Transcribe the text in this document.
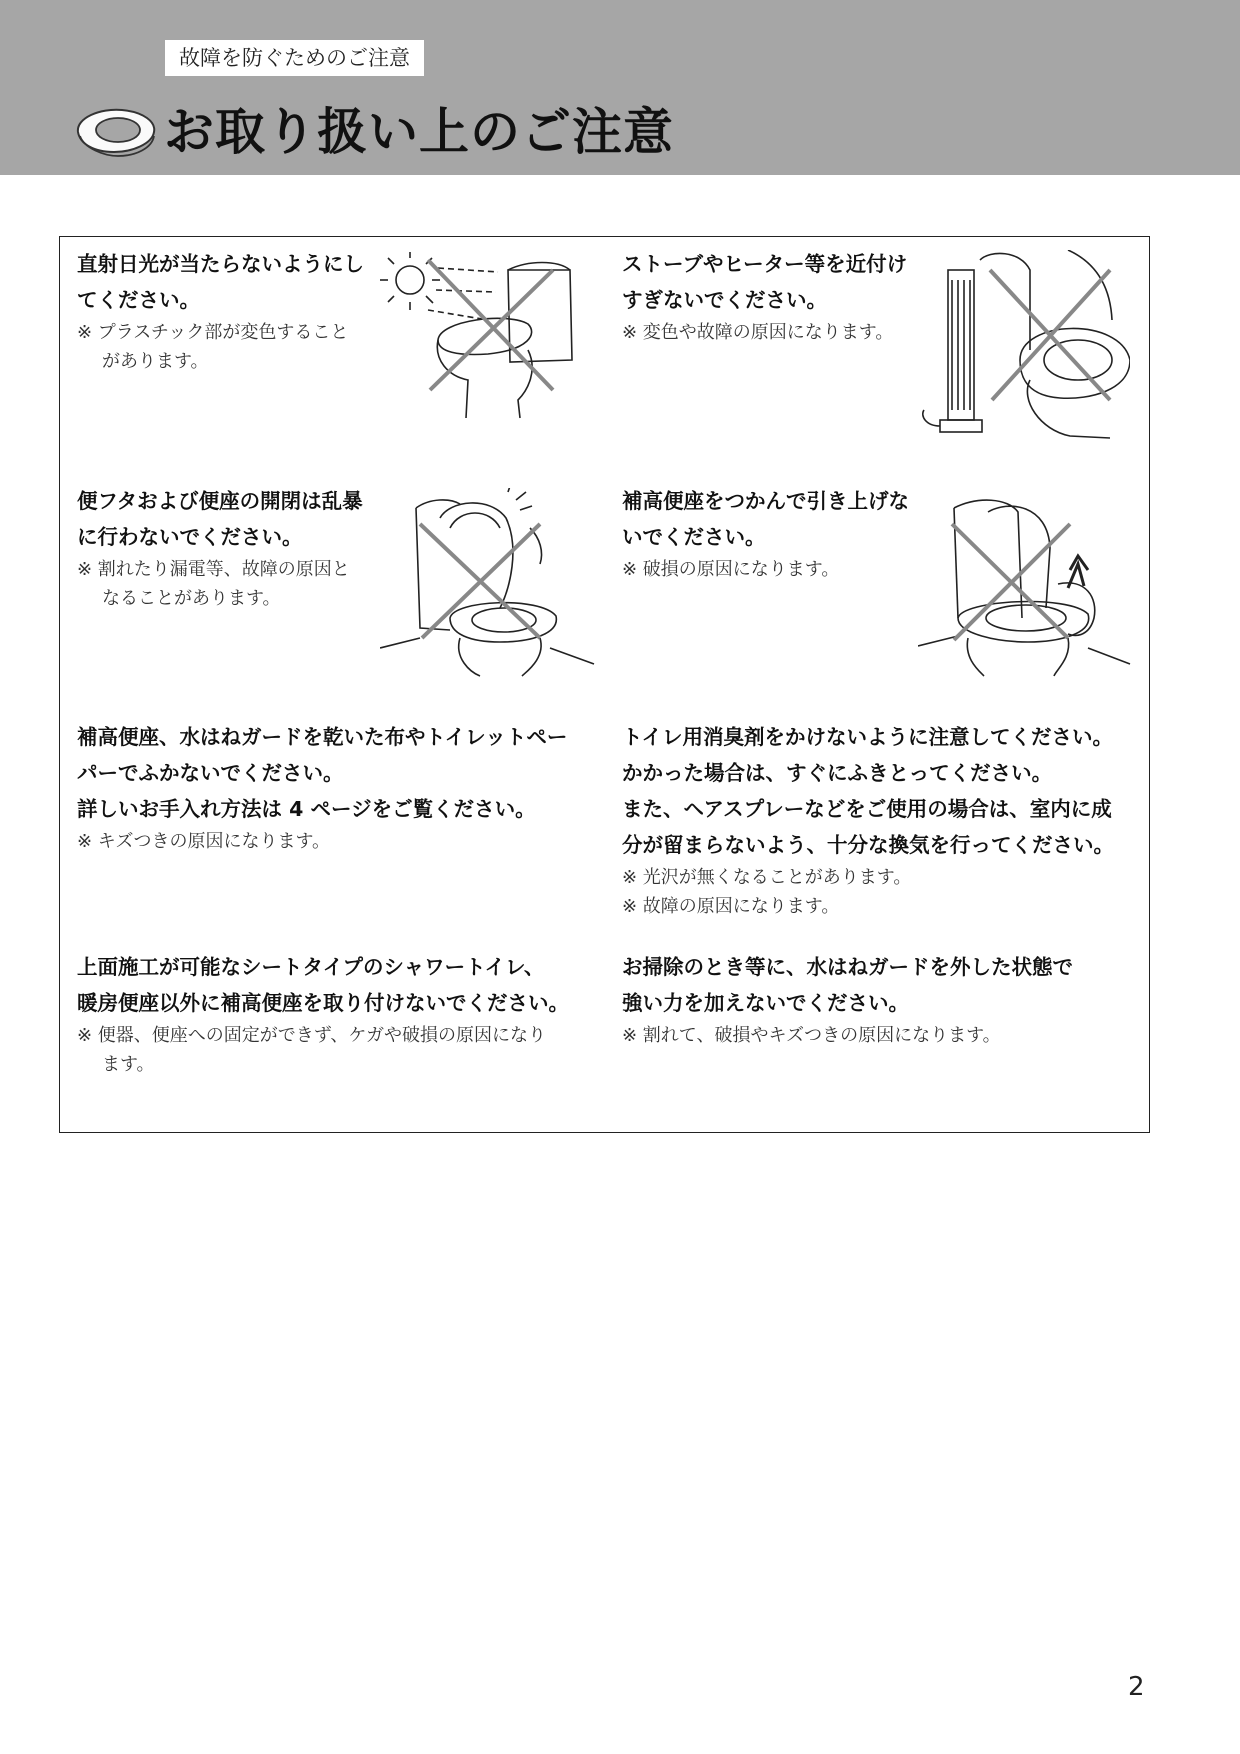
故障を防ぐためのご注意
お取り扱い上のご注意
直射日光が当たらないようにし
てください。
※ プラスチック部が変色すること
があります。
ストーブやヒーター等を近付け
すぎないでください。
※ 変色や故障の原因になります。
便フタおよび便座の開閉は乱暴
に行わないでください。
※ 割れたり漏電等、故障の原因と
なることがあります。
補高便座をつかんで引き上げな
いでください。
※ 破損の原因になります。
補高便座、水はねガードを乾いた布やトイレットペー
パーでふかないでください。
詳しいお手入れ方法は 4 ページをご覧ください。
※ キズつきの原因になります。
トイレ用消臭剤をかけないように注意してください。
かかった場合は、すぐにふきとってください。
また、ヘアスプレーなどをご使用の場合は、室内に成
分が留まらないよう、十分な換気を行ってください。
※ 光沢が無くなることがあります。
※ 故障の原因になります。
上面施工が可能なシートタイプのシャワートイレ、
暖房便座以外に補高便座を取り付けないでください。
※ 便器、便座への固定ができず、ケガや破損の原因になり
ます。
お掃除のとき等に、水はねガードを外した状態で
強い力を加えないでください。
※ 割れて、破損やキズつきの原因になります。
2
